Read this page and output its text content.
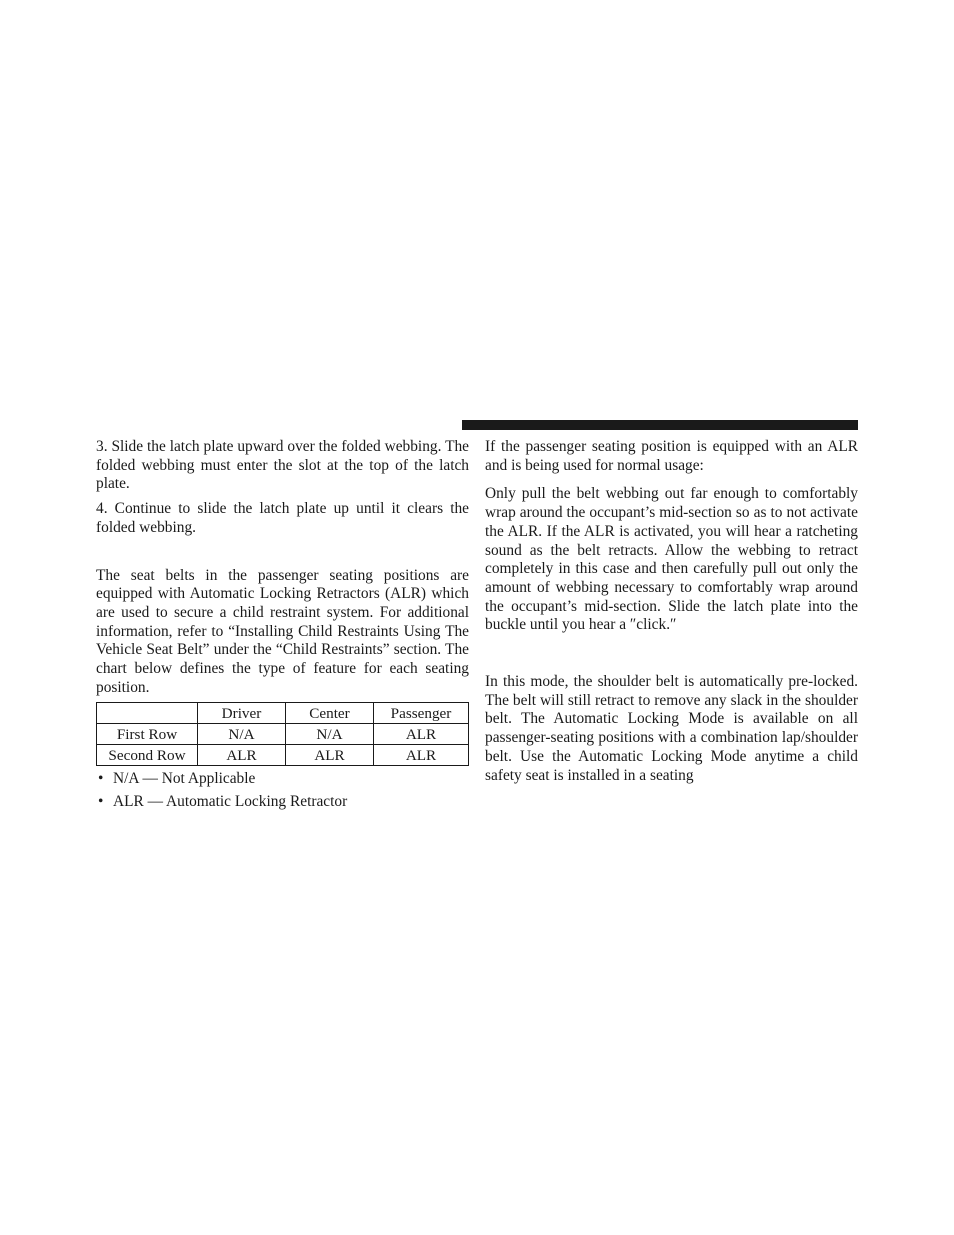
3. Slide the latch plate upward over the folded webbing. The folded webbing must enter the slot at the top of the latch plate.

4. Continue to slide the latch plate up until it clears the folded webbing.

The seat belts in the passenger seating positions are equipped with Automatic Locking Retractors (ALR) which are used to secure a child restraint system. For additional information, refer to “Installing Child Restraints Using The Vehicle Seat Belt” under the “Child Restraints” section. The chart below defines the type of feature for each seating position.

	Driver	Center	Passenger
First Row	N/A	N/A	ALR
Second Row	ALR	ALR	ALR
• N/A — Not Applicable
• ALR — Automatic Locking Retractor

If the passenger seating position is equipped with an ALR and is being used for normal usage:

Only pull the belt webbing out far enough to comfortably wrap around the occupant’s mid-section so as to not activate the ALR. If the ALR is activated, you will hear a ratcheting sound as the belt retracts. Allow the webbing to retract completely in this case and then carefully pull out only the amount of webbing necessary to comfortably wrap around the occupant’s mid-section. Slide the latch plate into the buckle until you hear a ″click.″

In this mode, the shoulder belt is automatically pre-locked. The belt will still retract to remove any slack in the shoulder belt. The Automatic Locking Mode is available on all passenger-seating positions with a combination lap/shoulder belt. Use the Automatic Locking Mode anytime a child safety seat is installed in a seating
